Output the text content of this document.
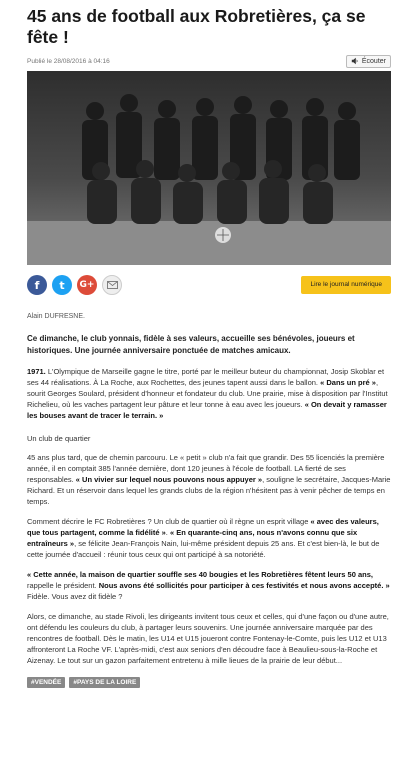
45 ans de football aux Robretières, ça se fête !
Publié le 28/08/2016 à 04:16	Écouter
f t G+	Lire le journal numérique
Alain DUFRESNE.
Ce dimanche, le club yonnais, fidèle à ses valeurs, accueille ses bénévoles, joueurs et historiques. Une journée anniversaire ponctuée de matches amicaux.

1971. L'Olympique de Marseille gagne le titre, porté par le meilleur buteur du championnat, Josip Skoblar et ses 44 réalisations. À La Roche, aux Rochettes, des jeunes tapent aussi dans le ballon. « Dans un pré », sourit Georges Soulard, président d'honneur et fondateur du club. Une prairie, mise à disposition par l'Institut Richelieu, où les vaches partagent leur pâture et leur tonne à eau avec les joueurs. « On devait y ramasser les bouses avant de tracer le terrain. »

Un club de quartier

45 ans plus tard, que de chemin parcouru. Le « petit » club n'a fait que grandir. Des 55 licenciés la première année, il en comptait 385 l'année dernière, dont 120 jeunes à l'école de football. LA fierté de ses responsables. « Un vivier sur lequel nous pouvons nous appuyer », souligne le secrétaire, Jacques-Marie Richard. Et un réservoir dans lequel les grands clubs de la région n'hésitent pas à venir pêcher de temps en temps.

Comment décrire le FC Robretières ? Un club de quartier où il règne un esprit village « avec des valeurs, que tous partagent, comme la fidélité ». « En quarante-cinq ans, nous n'avons connu que six entraîneurs », se félicite Jean-François Nain, lui-même président depuis 25 ans. Et c'est bien-là, le but de cette journée d'accueil : réunir tous ceux qui ont participé à sa notoriété.

« Cette année, la maison de quartier souffle ses 40 bougies et les Robretières fêtent leurs 50 ans, rappelle le président. Nous avons été sollicités pour participer à ces festivités et nous avons accepté. » Fidèle. Vous avez dit fidèle ?

Alors, ce dimanche, au stade Rivoli, les dirigeants invitent tous ceux et celles, qui d'une façon ou d'une autre, ont défendu les couleurs du club, à partager leurs souvenirs. Une journée anniversaire marquée par des rencontres de football. Dès le matin, les U14 et U15 joueront contre Fontenay-le-Comte, puis les U12 et U13 affronteront La Roche VF. L'après-midi, c'est aux seniors d'en découdre face à Beaulieu-sous-la-Roche et Aizenay. Le tout sur un gazon parfaitement entretenu à mille lieues de la prairie de leur début...

#VENDÉE	#PAYS DE LA LOIRE
